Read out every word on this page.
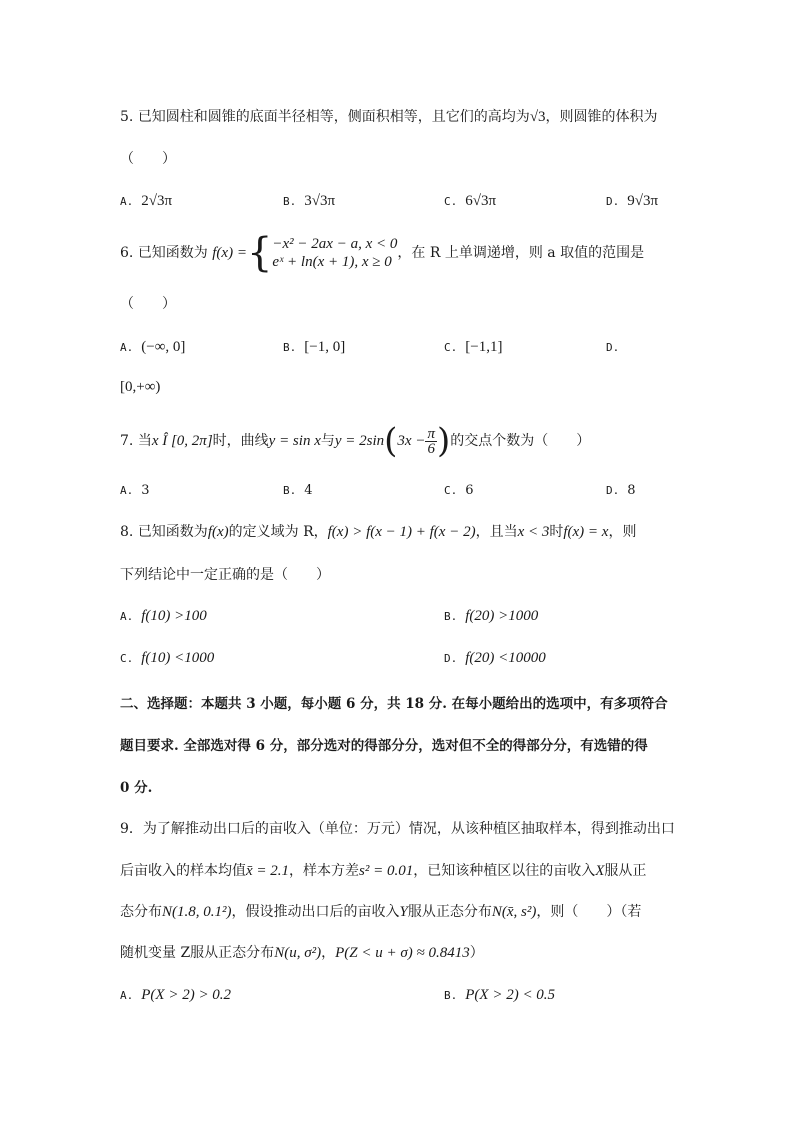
5. 已知圆柱和圆锥的底面半径相等，侧面积相等，且它们的高均为√3，则圆锥的体积为
（　　）
A. 2√3π	B. 3√3π	C. 6√3π	D. 9√3π
6. 已知函数为 f(x) ={ −x² − 2ax − a, x < 0
eˣ + ln(x + 1), x ≥ 0
，在 R 上单调递增，则 a 取值的范围是
（　　）
A. (−∞, 0]	B. [−1, 0]	C. [−1,1]	D.
[0,+∞)
7. 当x Î [0, 2π]时，曲线y = sin x与$y = 2\sin(3x - \frac{\pi}{6})$的交点个数为（　　）
A. 3	B. 4	C. 6	D. 8
8. 已知函数为f(x)的定义域为 R，f(x) > f(x − 1) + f(x − 2)，且当x < 3时f(x) = x，则
下列结论中一定正确的是（　　）
A. f(10) >100	B. f(20) >1000
C. f(10) <1000	D. f(20) <10000
二、选择题：本题共 3 小题，每小题 6 分，共 18 分. 在每小题给出的选项中，有多项符合
题目要求. 全部选对得 6 分，部分选对的得部分分，选对但不全的得部分分，有选错的得
0 分.
9．为了解推动出口后的亩收入（单位：万元）情况，从该种植区抽取样本，得到推动出口
后亩收入的样本均值x̄ = 2.1，样本方差s² = 0.01，已知该种植区以往的亩收入X服从正
态分布N(1.8, 0.1²)，假设推动出口后的亩收入Y服从正态分布N(x̄, s²)，则（　　）（若
随机变量 Z服从正态分布N(u, σ²)，P(Z < u + σ) ≈ 0.8413）
A. P(X > 2) > 0.2	B. P(X > 2) < 0.5
